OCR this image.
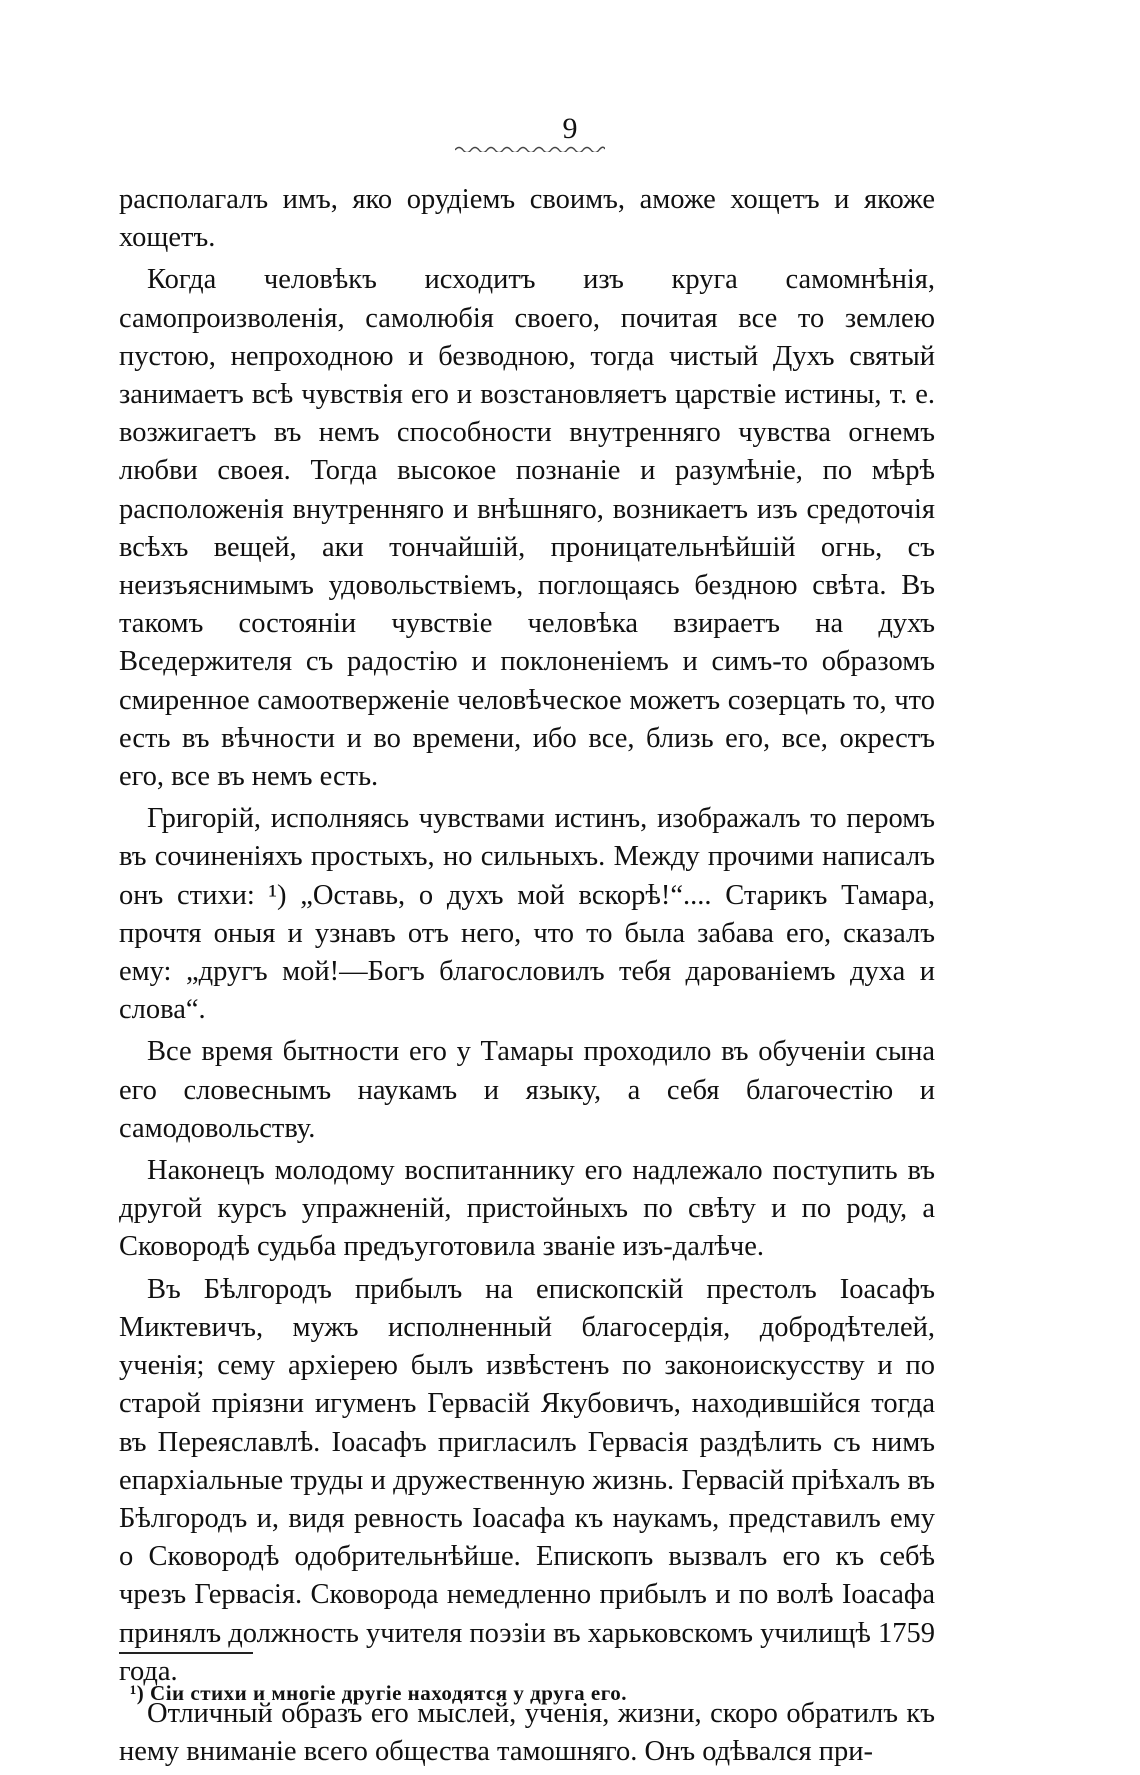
9

располагалъ имъ, яко орудіемъ своимъ, аможе хощетъ и якоже хощетъ.

Когда человѣкъ исходитъ изъ круга самомнѣнія, самопроизволенія, самолюбія своего, почитая все то землею пустою, непроходною и безводною, тогда чистый Духъ святый занимаетъ всѣ чувствія его и возстановляетъ царствіе истины, т. е. возжигаетъ въ немъ способности внутренняго чувства огнемъ любви своея. Тогда высокое познаніе и разумѣніе, по мѣрѣ расположенія внутренняго и внѣшняго, возникаетъ изъ средоточія всѣхъ вещей, аки тончайшій, проницательнѣйшій огнь, съ неизъяснимымъ удовольствіемъ, поглощаясь бездною свѣта. Въ такомъ состояніи чувствіе человѣка взираетъ на духъ Вседержителя съ радостію и поклоненіемъ и симъ-то образомъ смиренное самоотверженіе человѣческое можетъ созерцать то, что есть въ вѣчности и во времени, ибо все, близь его, все, окрестъ его, все въ немъ есть.

Григорій, исполняясь чувствами истинъ, изображалъ то перомъ въ сочиненіяхъ простыхъ, но сильныхъ. Между прочими написалъ онъ стихи: ¹) „Оставь, о духъ мой вскорѣ!“.... Старикъ Тамара, прочтя оныя и узнавъ отъ него, что то была забава его, сказалъ ему: „другъ мой!—Богъ благословилъ тебя дарованіемъ духа и слова“.

Все время бытности его у Тамары проходило въ обученіи сына его словеснымъ наукамъ и языку, а себя благочестію и самодовольству.

Наконецъ молодому воспитаннику его надлежало поступить въ другой курсъ упражненій, пристойныхъ по свѣту и по роду, а Сковородѣ судьба предъуготовила званіе изъ-далѣче.

Въ Бѣлгородъ прибылъ на епископскій престолъ Іоасафъ Миктевичъ, мужъ исполненный благосердія, добродѣтелей, ученія; сему архіерею былъ извѣстенъ по законоискусству и по старой пріязни игуменъ Гервасій Якубовичъ, находившійся тогда въ Переяславлѣ. Іоасафъ пригласилъ Гервасія раздѣлить съ нимъ епархіальные труды и дружественную жизнь. Гервасій пріѣхалъ въ Бѣлгородъ и, видя ревность Іоасафа къ наукамъ, представилъ ему о Сковородѣ одобрительнѣйше. Епископъ вызвалъ его къ себѣ чрезъ Гервасія. Сковорода немедленно прибылъ и по волѣ Іоасафа принялъ должность учителя поэзіи въ харьковскомъ училищѣ 1759 года.

Отличный образъ его мыслей, ученія, жизни, скоро обратилъ къ нему вниманіе всего общества тамошняго. Онъ одѣвался при-

¹) Сіи стихи и многіе другіе находятся у друга его.
